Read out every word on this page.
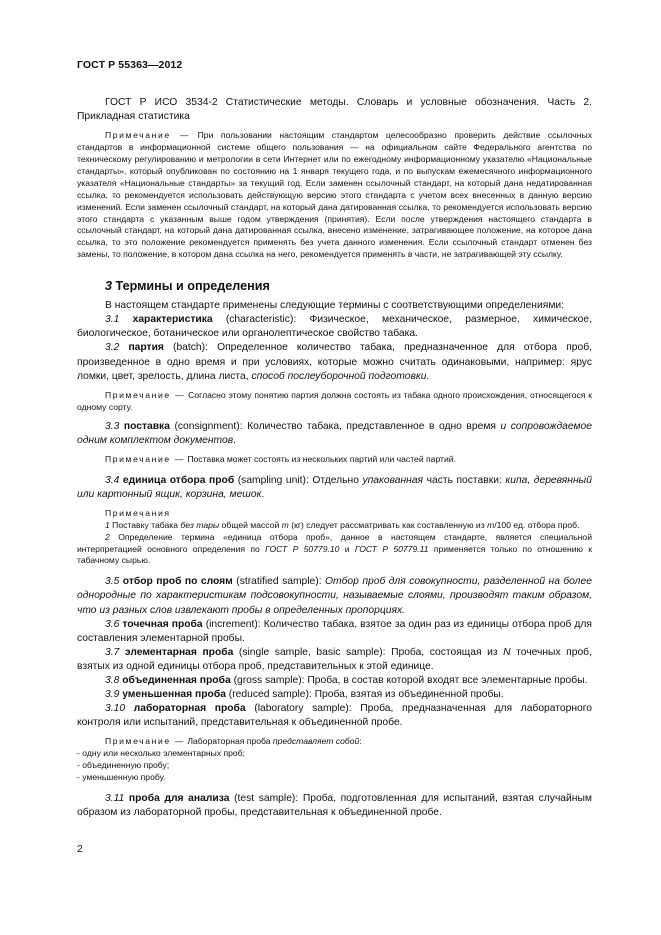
ГОСТ Р 55363—2012

ГОСТ Р ИСО 3534-2 Статистические методы. Словарь и условные обозначения. Часть 2. Прикладная статистика

Примечание — При пользовании настоящим стандартом целесообразно проверить действие ссылочных стандартов в информационной системе общего пользования — на официальном сайте Федерального агентства по техническому регулированию и метрологии в сети Интернет или по ежегодному информационному указателю «Национальные стандарты», который опубликован по состоянию на 1 января текущего года, и по выпускам ежемесячного информационного указателя «Национальные стандарты» за текущий год. Если заменен ссылочный стандарт, на который дана недатированная ссылка, то рекомендуется использовать действующую версию этого стандарта с учетом всех внесенных в данную версию изменений. Если заменен ссылочный стандарт, на который дана датированная ссылка, то рекомендуется использовать версию этого стандарта с указанным выше годом утверждения (принятия). Если после утверждения настоящего стандарта в ссылочный стандарт, на который дана датированная ссылка, внесено изменение, затрагивающее положение, на которое дана ссылка, то это положение рекомендуется применять без учета данного изменения. Если ссылочный стандарт отменен без замены, то положение, в котором дана ссылка на него, рекомендуется применять в части, не затрагивающей эту ссылку.

3 Термины и определения

В настоящем стандарте применены следующие термины с соответствующими определениями:

3.1 характеристика (characteristic): Физическое, механическое, размерное, химическое, биологическое, ботаническое или органолептическое свойство табака.

3.2 партия (batch): Определенное количество табака, предназначенное для отбора проб, произведенное в одно время и при условиях, которые можно считать одинаковыми, например: ярус ломки, цвет, зрелость, длина листа, способ послеуборочной подготовки.

Примечание — Согласно этому понятию партия должна состоять из табака одного происхождения, относящегося к одному сорту.

3.3 поставка (consignment): Количество табака, представленное в одно время и сопровождаемое одним комплектом документов.

Примечание — Поставка может состоять из нескольких партий или частей партий.

3.4 единица отбора проб (sampling unit): Отдельно упакованная часть поставки: кипа, деревянный или картонный ящик, корзина, мешок.

Примечания

1 Поставку табака без тары общей массой m (кг) следует рассматривать как составленную из m/100 ед. отбора проб.

2 Определение термина «единица отбора проб», данное в настоящем стандарте, является специальной интерпретацией основного определения по ГОСТ Р 50779.10 и ГОСТ Р 50779.11 применяется только по отношению к табачному сырью.

3.5 отбор проб по слоям (stratified sample): Отбор проб для совокупности, разделенной на более однородные по характеристикам подсовокупности, называемые слоями, производят таким образом, что из разных слов извлекают пробы в определенных пропорциях.

3.6 точечная проба (increment): Количество табака, взятое за один раз из единицы отбора проб для составления элементарной пробы.

3.7 элементарная проба (single sample, basic sample): Проба, состоящая из N точечных проб, взятых из одной единицы отбора проб, представительных к этой единице.

3.8 объединенная проба (gross sample): Проба, в состав которой входят все элементарные пробы.

3.9 уменьшенная проба (reduced sample): Проба, взятая из объединенной пробы.

3.10 лабораторная проба (laboratory sample): Проба, предназначенная для лабораторного контроля или испытаний, представительная к объединенной пробе.

Примечание — Лабораторная проба представляет собой:

- одну или несколько элементарных проб;

- объединенную пробу;

- уменьшенную пробу.

3.11 проба для анализа (test sample): Проба, подготовленная для испытаний, взятая случайным образом из лабораторной пробы, представительная к объединенной пробе.

2
